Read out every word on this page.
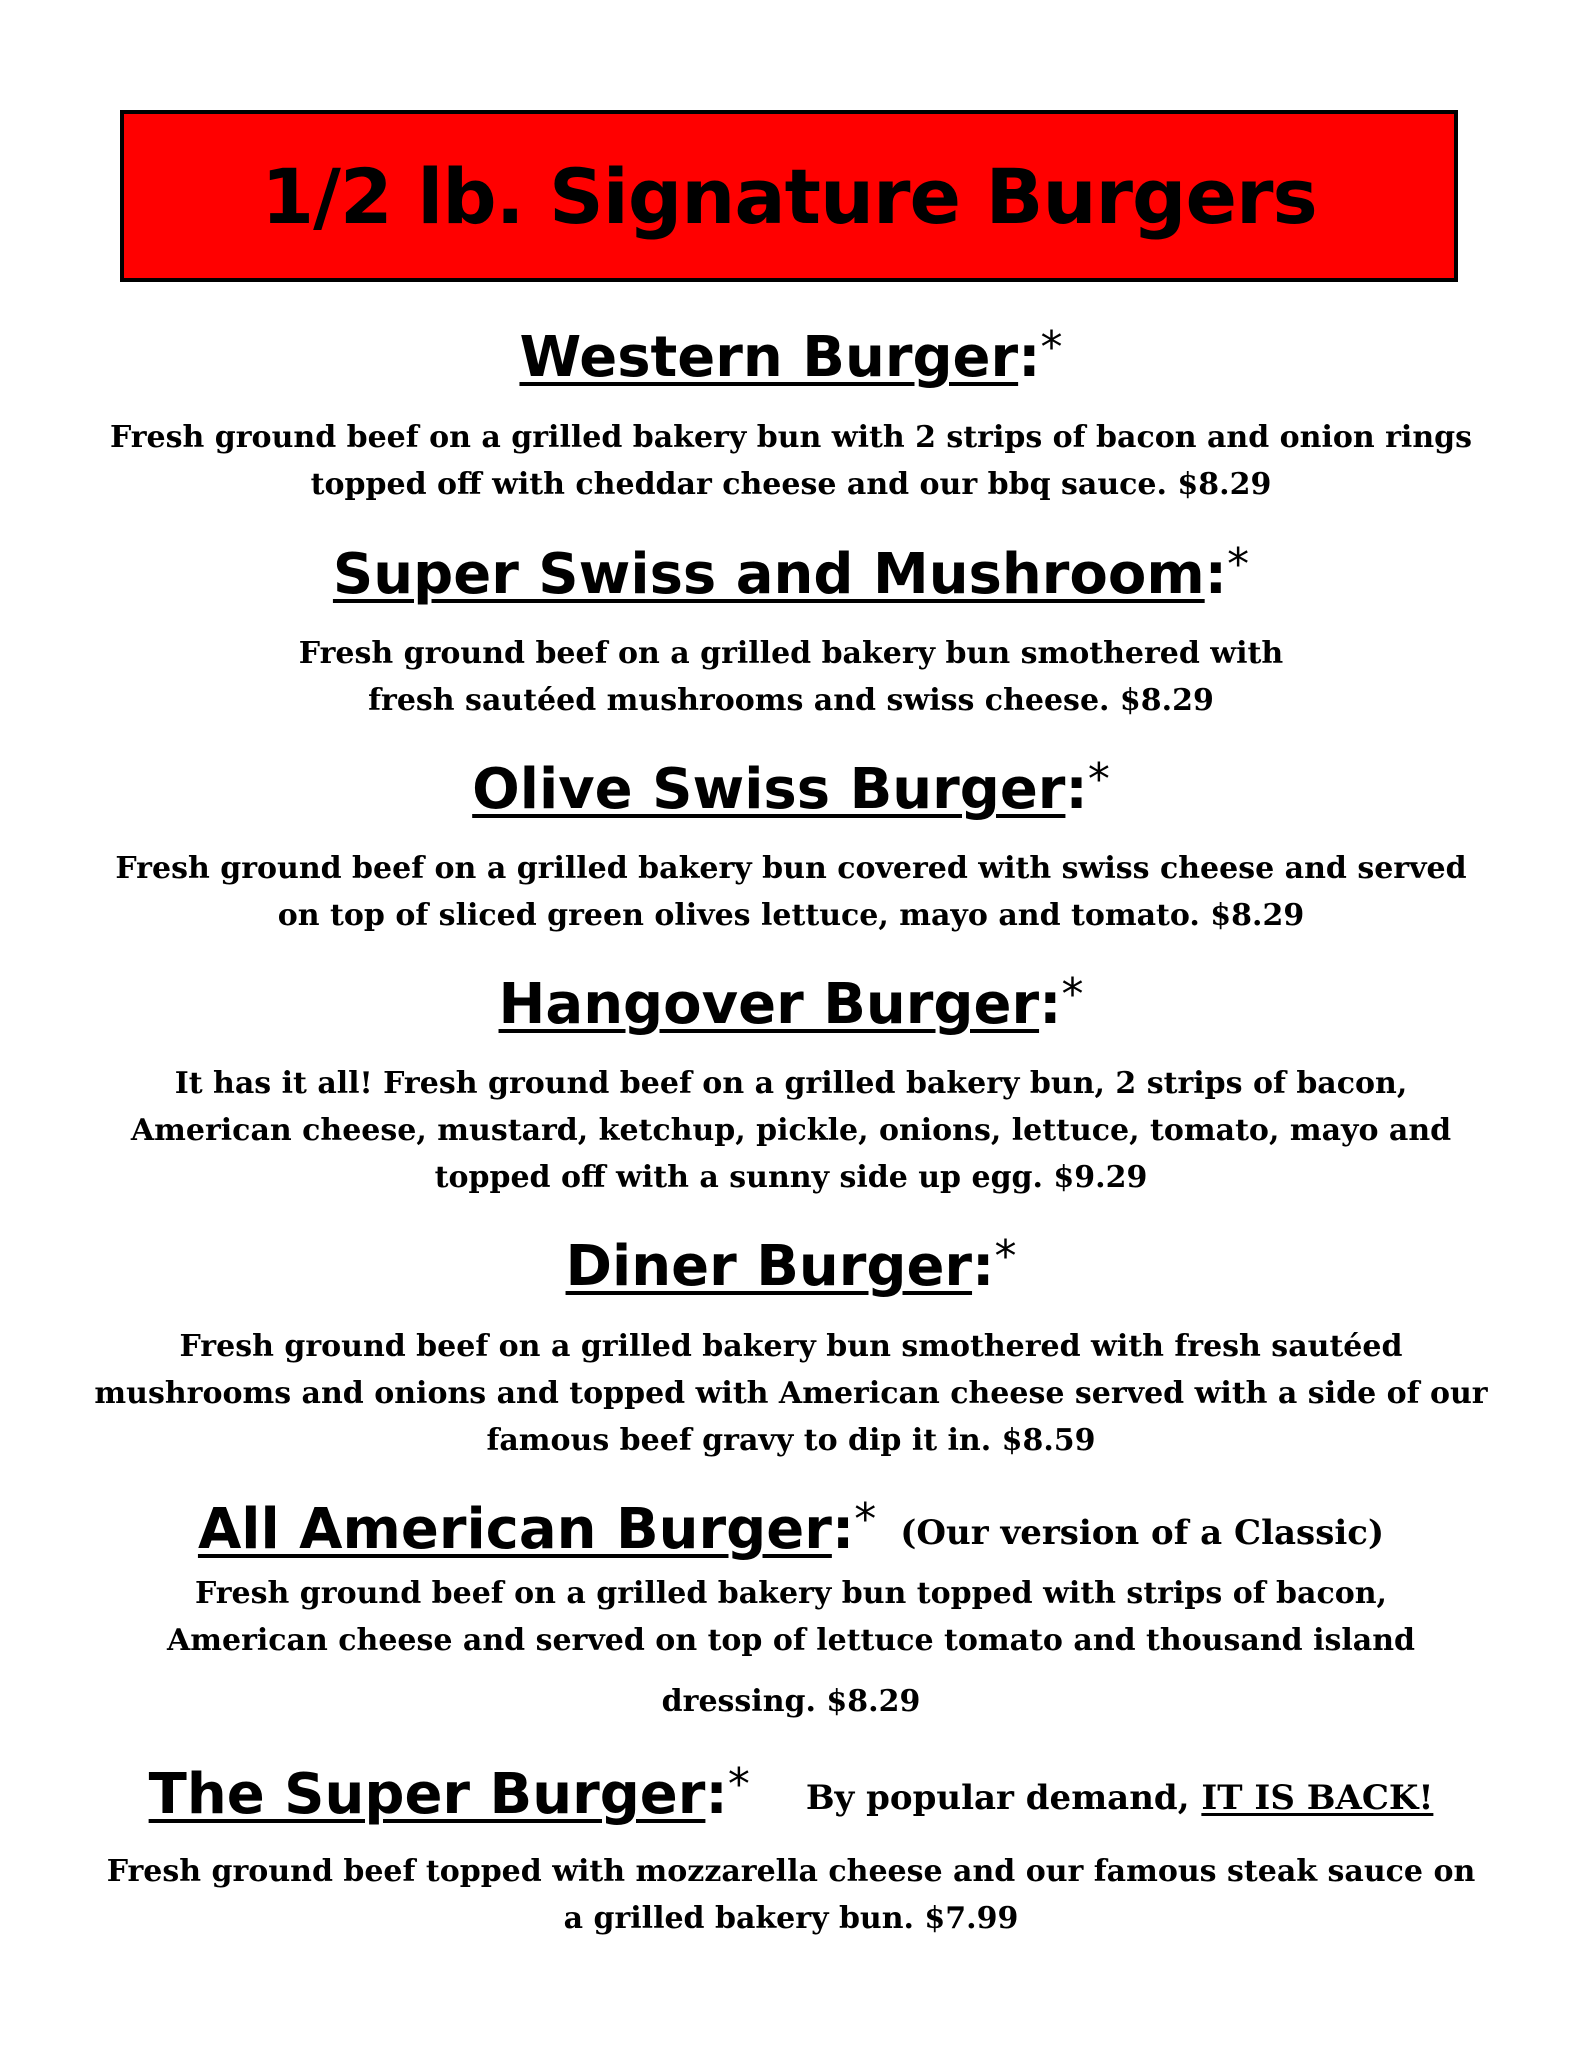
1/2 lb. Signature Burgers
Western Burger:*
Fresh ground beef on a grilled bakery bun with 2 strips of bacon and onion rings
topped off with cheddar cheese and our bbq sauce. $8.29
Super Swiss and Mushroom:*
Fresh ground beef on a grilled bakery bun smothered with
fresh sautéed mushrooms and swiss cheese. $8.29
Olive Swiss Burger:*
Fresh ground beef on a grilled bakery bun covered with swiss cheese and served
on top of sliced green olives lettuce, mayo and tomato. $8.29
Hangover Burger:*
It has it all! Fresh ground beef on a grilled bakery bun, 2 strips of bacon,
American cheese, mustard, ketchup, pickle, onions, lettuce, tomato, mayo and
topped off with a sunny side up egg. $9.29
Diner Burger:*
Fresh ground beef on a grilled bakery bun smothered with fresh sautéed
mushrooms and onions and topped with American cheese served with a side of our
famous beef gravy to dip it in. $8.59
All American Burger:* (Our version of a Classic)
Fresh ground beef on a grilled bakery bun topped with strips of bacon,
American cheese and served on top of lettuce tomato and thousand island
dressing. $8.29
The Super Burger:* By popular demand, IT IS BACK!
Fresh ground beef topped with mozzarella cheese and our famous steak sauce on
a grilled bakery bun. $7.99
